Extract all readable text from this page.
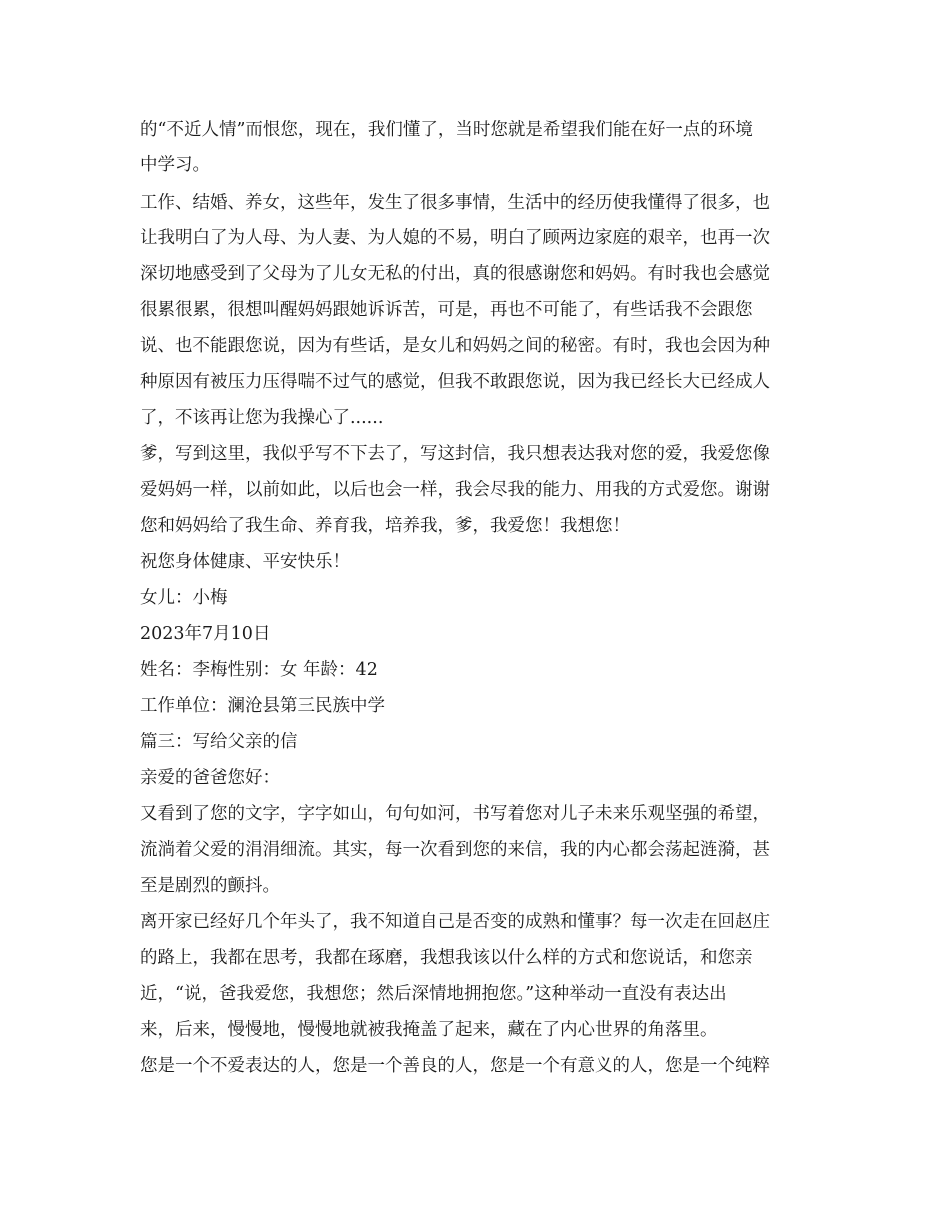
的“不近人情”而恨您，现在，我们懂了，当时您就是希望我们能在好一点的环境
中学习。
工作、结婚、养女，这些年，发生了很多事情，生活中的经历使我懂得了很多，也
让我明白了为人母、为人妻、为人媳的不易，明白了顾两边家庭的艰辛，也再一次
深切地感受到了父母为了儿女无私的付出，真的很感谢您和妈妈。有时我也会感觉
很累很累，很想叫醒妈妈跟她诉诉苦，可是，再也不可能了，有些话我不会跟您
说、也不能跟您说，因为有些话，是女儿和妈妈之间的秘密。有时，我也会因为种
种原因有被压力压得喘不过气的感觉，但我不敢跟您说，因为我已经长大已经成人
了，不该再让您为我操心了......
爹，写到这里，我似乎写不下去了，写这封信，我只想表达我对您的爱，我爱您像
爱妈妈一样，以前如此，以后也会一样，我会尽我的能力、用我的方式爱您。谢谢
您和妈妈给了我生命、养育我，培养我，爹，我爱您！我想您！
祝您身体健康、平安快乐！
女儿：小梅
2023年7月10日
姓名：李梅性别：女 年龄：42
工作单位：澜沧县第三民族中学
篇三：写给父亲的信
亲爱的爸爸您好：
又看到了您的文字，字字如山，句句如河，书写着您对儿子未来乐观坚强的希望，
流淌着父爱的涓涓细流。其实，每一次看到您的来信，我的内心都会荡起涟漪，甚
至是剧烈的颤抖。
离开家已经好几个年头了，我不知道自己是否变的成熟和懂事？每一次走在回赵庄
的路上，我都在思考，我都在琢磨，我想我该以什么样的方式和您说话，和您亲
近，“说，爸我爱您，我想您；然后深情地拥抱您。”这种举动一直没有表达出
来，后来，慢慢地，慢慢地就被我掩盖了起来，藏在了内心世界的角落里。
您是一个不爱表达的人，您是一个善良的人，您是一个有意义的人，您是一个纯粹
